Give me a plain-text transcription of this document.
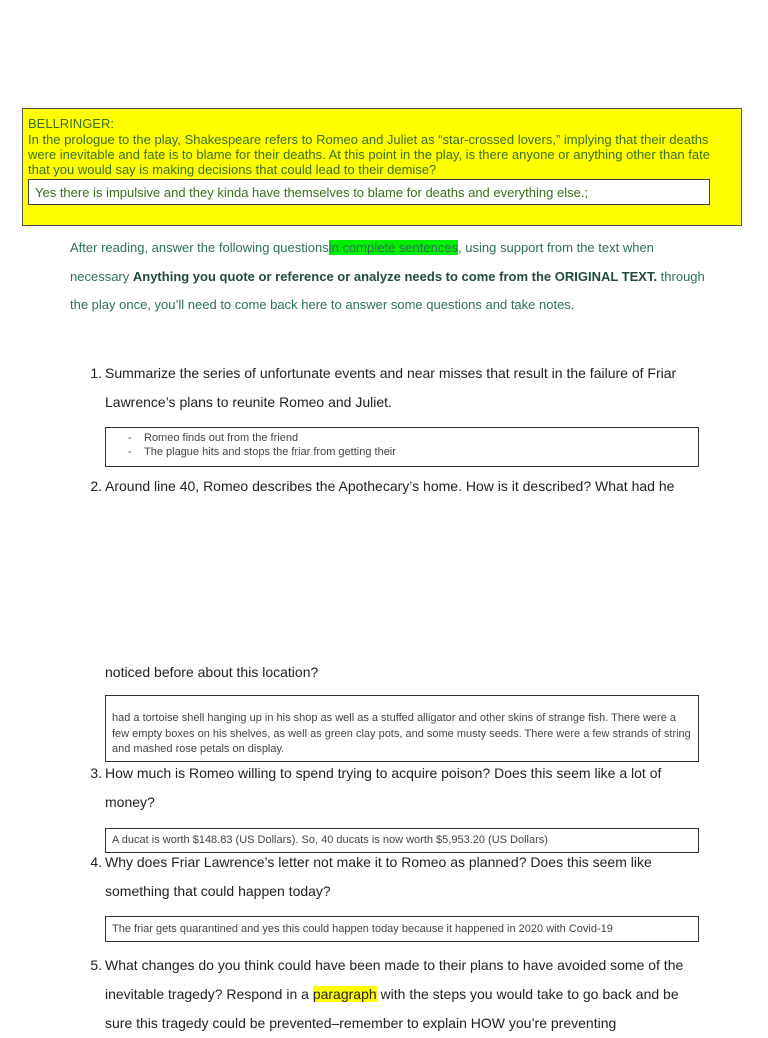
BELLRINGER:
In the prologue to the play, Shakespeare refers to Romeo and Juliet as “star-crossed lovers,” implying that their deaths were inevitable and fate is to blame for their deaths. At this point in the play, is there anyone or anything other than fate that you would say is making decisions that could lead to their demise?
Yes there is impulsive and they kinda have themselves to blame for deaths and everything else.;
After reading, answer the following questionsin complete sentences, using support from the text when necessary Anything you quote or reference or analyze needs to come from the ORIGINAL TEXT. through the play once, you’ll need to come back here to answer some questions and take notes.
1. Summarize the series of unfortunate events and near misses that result in the failure of Friar Lawrence’s plans to reunite Romeo and Juliet.
- Romeo finds out from the friend
- The plague hits and stops the friar from getting their
2. Around line 40, Romeo describes the Apothecary’s home. How is it described? What had he
noticed before about this location?

had a tortoise shell hanging up in his shop as well as a stuffed alligator and other skins of strange fish. There were a few empty boxes on his shelves, as well as green clay pots, and some musty seeds. There were a few strands of string and mashed rose petals on display.

3. How much is Romeo willing to spend trying to acquire poison? Does this seem like a lot of money?

A ducat is worth $148.83 (US Dollars). So, 40 ducats is now worth $5,953.20 (US Dollars)

4. Why does Friar Lawrence’s letter not make it to Romeo as planned? Does this seem like something that could happen today?

The friar gets quarantined and yes this could happen today because it happened in 2020 with Covid-19

5. What changes do you think could have been made to their plans to have avoided some of the inevitable tragedy? Respond in a paragraph with the steps you would take to go back and be sure this tragedy could be prevented–remember to explain HOW you’re preventing
